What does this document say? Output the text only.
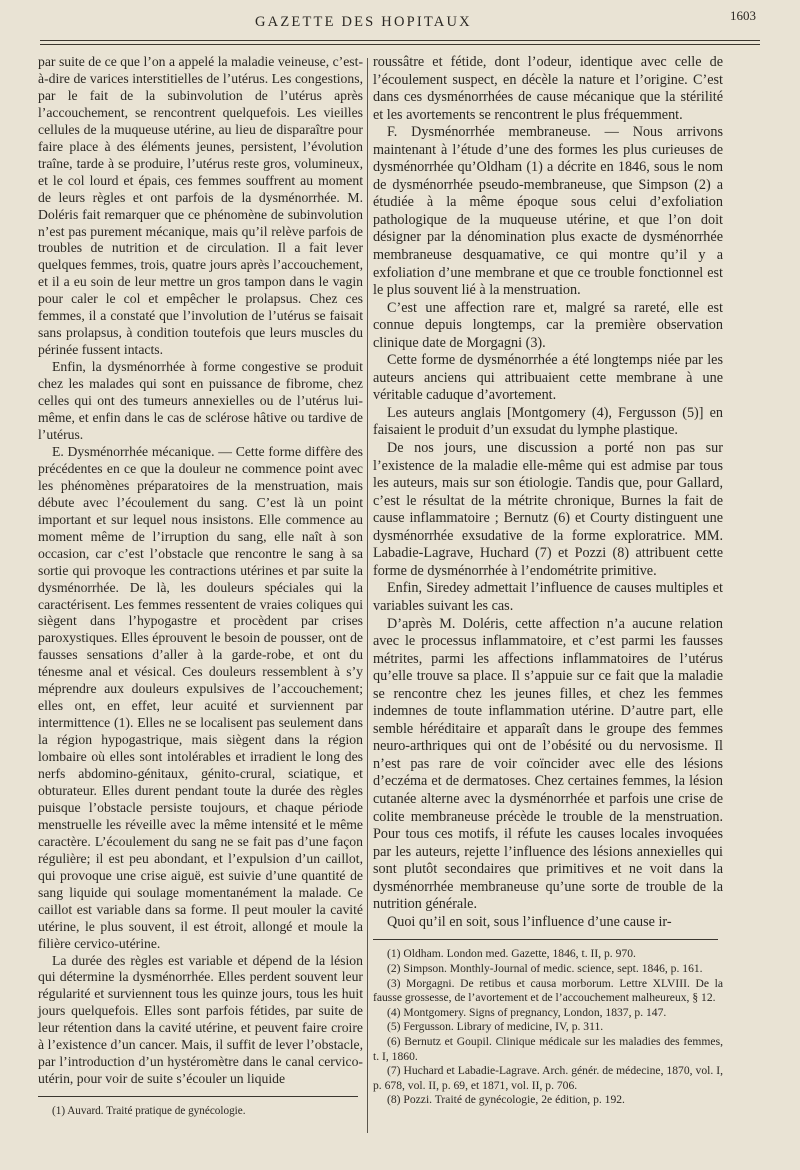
GAZETTE DES HOPITAUX	1603

par suite de ce que l’on a appelé la maladie veineuse, c’est-à-dire de varices interstitielles de l’utérus. Les congestions, par le fait de la subinvolution de l’utérus après l’accouchement, se rencontrent quelquefois. Les vieilles cellules de la muqueuse utérine, au lieu de disparaître pour faire place à des éléments jeunes, persistent, l’évolution traîne, tarde à se produire, l’utérus reste gros, volumineux, et le col lourd et épais, ces femmes souffrent au moment de leurs règles et ont parfois de la dysménorrhée. M. Doléris fait remarquer que ce phénomène de subinvolution n’est pas purement mécanique, mais qu’il relève parfois de troubles de nutrition et de circulation. Il a fait lever quelques femmes, trois, quatre jours après l’accouchement, et il a eu soin de leur mettre un gros tampon dans le vagin pour caler le col et empêcher le prolapsus. Chez ces femmes, il a constaté que l’involution de l’utérus se faisait sans prolapsus, à condition toutefois que leurs muscles du périnée fussent intacts.

Enfin, la dysménorrhée à forme congestive se produit chez les malades qui sont en puissance de fibrome, chez celles qui ont des tumeurs annexielles ou de l’utérus lui-même, et enfin dans le cas de sclérose hâtive ou tardive de l’utérus.

E. Dysménorrhée mécanique. — Cette forme diffère des précédentes en ce que la douleur ne commence point avec les phénomènes préparatoires de la menstruation, mais débute avec l’écoulement du sang. C’est là un point important et sur lequel nous insistons. Elle commence au moment même de l’irruption du sang, elle naît à son occasion, car c’est l’obstacle que rencontre le sang à sa sortie qui provoque les contractions utérines et par suite la dysménorrhée. De là, les douleurs spéciales qui la caractérisent. Les femmes ressentent de vraies coliques qui siègent dans l’hypogastre et procèdent par crises paroxystiques. Elles éprouvent le besoin de pousser, ont de fausses sensations d’aller à la garde-robe, et ont du ténesme anal et vésical. Ces douleurs ressemblent à s’y méprendre aux douleurs expulsives de l’accouchement; elles ont, en effet, leur acuité et surviennent par intermittence (1). Elles ne se localisent pas seulement dans la région hypogastrique, mais siègent dans la région lombaire où elles sont intolérables et irradient le long des nerfs abdomino-génitaux, génito-crural, sciatique, et obturateur. Elles durent pendant toute la durée des règles puisque l’obstacle persiste toujours, et chaque période menstruelle les réveille avec la même intensité et le même caractère. L’écoulement du sang ne se fait pas d’une façon régulière; il est peu abondant, et l’expulsion d’un caillot, qui provoque une crise aiguë, est suivie d’une quantité de sang liquide qui soulage momentanément la malade. Ce caillot est variable dans sa forme. Il peut mouler la cavité utérine, le plus souvent, il est étroit, allongé et moule la filière cervico-utérine.

La durée des règles est variable et dépend de la lésion qui détermine la dysménorrhée. Elles perdent souvent leur régularité et surviennent tous les quinze jours, tous les huit jours quelquefois. Elles sont parfois fétides, par suite de leur rétention dans la cavité utérine, et peuvent faire croire à l’existence d’un cancer. Mais, il suffit de lever l’obstacle, par l’introduction d’un hystéromètre dans le canal cervico-utérin, pour voir de suite s’écouler un liquide

(1) Auvard. Traité pratique de gynécologie.

roussâtre et fétide, dont l’odeur, identique avec celle de l’écoulement suspect, en décèle la nature et l’origine. C’est dans ces dysménorrhées de cause mécanique que la stérilité et les avortements se rencontrent le plus fréquemment.

F. Dysménorrhée membraneuse. — Nous arrivons maintenant à l’étude d’une des formes les plus curieuses de dysménorrhée qu’Oldham (1) a décrite en 1846, sous le nom de dysménorrhée pseudo-membraneuse, que Simpson (2) a étudiée à la même époque sous celui d’exfoliation pathologique de la muqueuse utérine, et que l’on doit désigner par la dénomination plus exacte de dysménorrhée membraneuse desquamative, ce qui montre qu’il y a exfoliation d’une membrane et que ce trouble fonctionnel est le plus souvent lié à la menstruation.

C’est une affection rare et, malgré sa rareté, elle est connue depuis longtemps, car la première observation clinique date de Morgagni (3).

Cette forme de dysménorrhée a été longtemps niée par les auteurs anciens qui attribuaient cette membrane à une véritable caduque d’avortement.

Les auteurs anglais [Montgomery (4), Fergusson (5)] en faisaient le produit d’un exsudat du lymphe plastique.

De nos jours, une discussion a porté non pas sur l’existence de la maladie elle-même qui est admise par tous les auteurs, mais sur son étiologie. Tandis que, pour Gallard, c’est le résultat de la métrite chronique, Burnes la fait de cause inflammatoire ; Bernutz (6) et Courty distinguent une dysménorrhée exsudative de la forme exploratrice. MM. Labadie-Lagrave, Huchard (7) et Pozzi (8) attribuent cette forme de dysménorrhée à l’endométrite primitive.

Enfin, Siredey admettait l’influence de causes multiples et variables suivant les cas.

D’après M. Doléris, cette affection n’a aucune relation avec le processus inflammatoire, et c’est parmi les fausses métrites, parmi les affections inflammatoires de l’utérus qu’elle trouve sa place. Il s’appuie sur ce fait que la maladie se rencontre chez les jeunes filles, et chez les femmes indemnes de toute inflammation utérine. D’autre part, elle semble héréditaire et apparaît dans le groupe des femmes neuro-arthriques qui ont de l’obésité ou du nervosisme. Il n’est pas rare de voir coïncider avec elle des lésions d’eczéma et de dermatoses. Chez certaines femmes, la lésion cutanée alterne avec la dysménorrhée et parfois une crise de colite membraneuse précède le trouble de la menstruation. Pour tous ces motifs, il réfute les causes locales invoquées par les auteurs, rejette l’influence des lésions annexielles qui sont plutôt secondaires que primitives et ne voit dans la dysménorrhée membraneuse qu’une sorte de trouble de la nutrition générale.

Quoi qu’il en soit, sous l’influence d’une cause ir-

(1) Oldham. London med. Gazette, 1846, t. II, p. 970.
(2) Simpson. Monthly-Journal of medic. science, sept. 1846, p. 161.
(3) Morgagni. De retibus et causa morborum. Lettre XLVIII. De la fausse grossesse, de l’avortement et de l’accouchement malheureux, § 12.
(4) Montgomery. Signs of pregnancy, London, 1837, p. 147.
(5) Fergusson. Library of medicine, IV, p. 311.
(6) Bernutz et Goupil. Clinique médicale sur les maladies des femmes, t. I, 1860.
(7) Huchard et Labadie-Lagrave. Arch. génér. de médecine, 1870, vol. I, p. 678, vol. II, p. 69, et 1871, vol. II, p. 706.
(8) Pozzi. Traité de gynécologie, 2e édition, p. 192.
